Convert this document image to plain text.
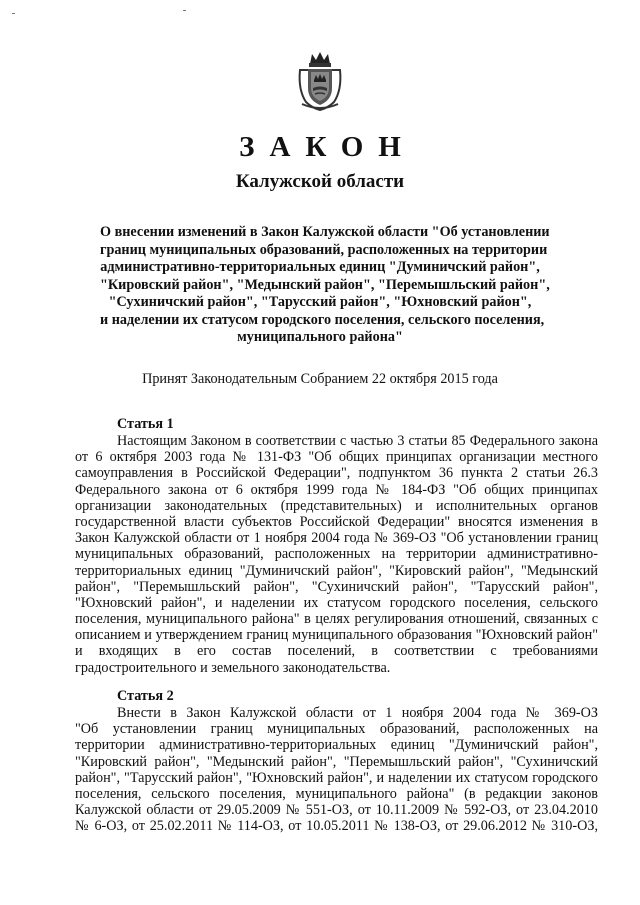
ЗАКОН
Калужской области
О внесении изменений в Закон Калужской области "Об установлении
границ муниципальных образований, расположенных на территории
административно-территориальных единиц "Думиничский район",
"Кировский район", "Медынский район", "Перемышльский район",
"Сухиничский район", "Тарусский район", "Юхновский район",
и наделении их статусом городского поселения, сельского поселения,
муниципального района"
Принят Законодательным Собранием 22 октября 2015 года
Статья 1
Настоящим Законом в соответствии с частью 3 статьи 85 Федерального закона
от 6 октября 2003 года № 131-ФЗ "Об общих принципах организации местного
самоуправления в Российской Федерации", подпунктом 36 пункта 2 статьи 26.3
Федерального закона от 6 октября 1999 года № 184-ФЗ "Об общих принципах
организации законодательных (представительных) и исполнительных органов
государственной власти субъектов Российской Федерации" вносятся изменения в
Закон Калужской области от 1 ноября 2004 года № 369-ОЗ "Об установлении границ
муниципальных образований, расположенных на территории административно-
территориальных единиц "Думиничский район", "Кировский район", "Медынский
район", "Перемышльский район", "Сухиничский район", "Тарусский район",
"Юхновский район", и наделении их статусом городского поселения, сельского
поселения, муниципального района" в целях регулирования отношений, связанных с
описанием и утверждением границ муниципального образования "Юхновский район"
и входящих в его состав поселений, в соответствии с требованиями
градостроительного и земельного законодательства.
Статья 2
Внести в Закон Калужской области от 1 ноября 2004 года № 369-ОЗ
"Об установлении границ муниципальных образований, расположенных на
территории административно-территориальных единиц "Думиничский район",
"Кировский район", "Медынский район", "Перемышльский район", "Сухиничский
район", "Тарусский район", "Юхновский район", и наделении их статусом городского
поселения, сельского поселения, муниципального района" (в редакции законов
Калужской области от 29.05.2009 № 551-ОЗ, от 10.11.2009 № 592-ОЗ, от 23.04.2010
№ 6-ОЗ, от 25.02.2011 № 114-ОЗ, от 10.05.2011 № 138-ОЗ, от 29.06.2012 № 310-ОЗ,
